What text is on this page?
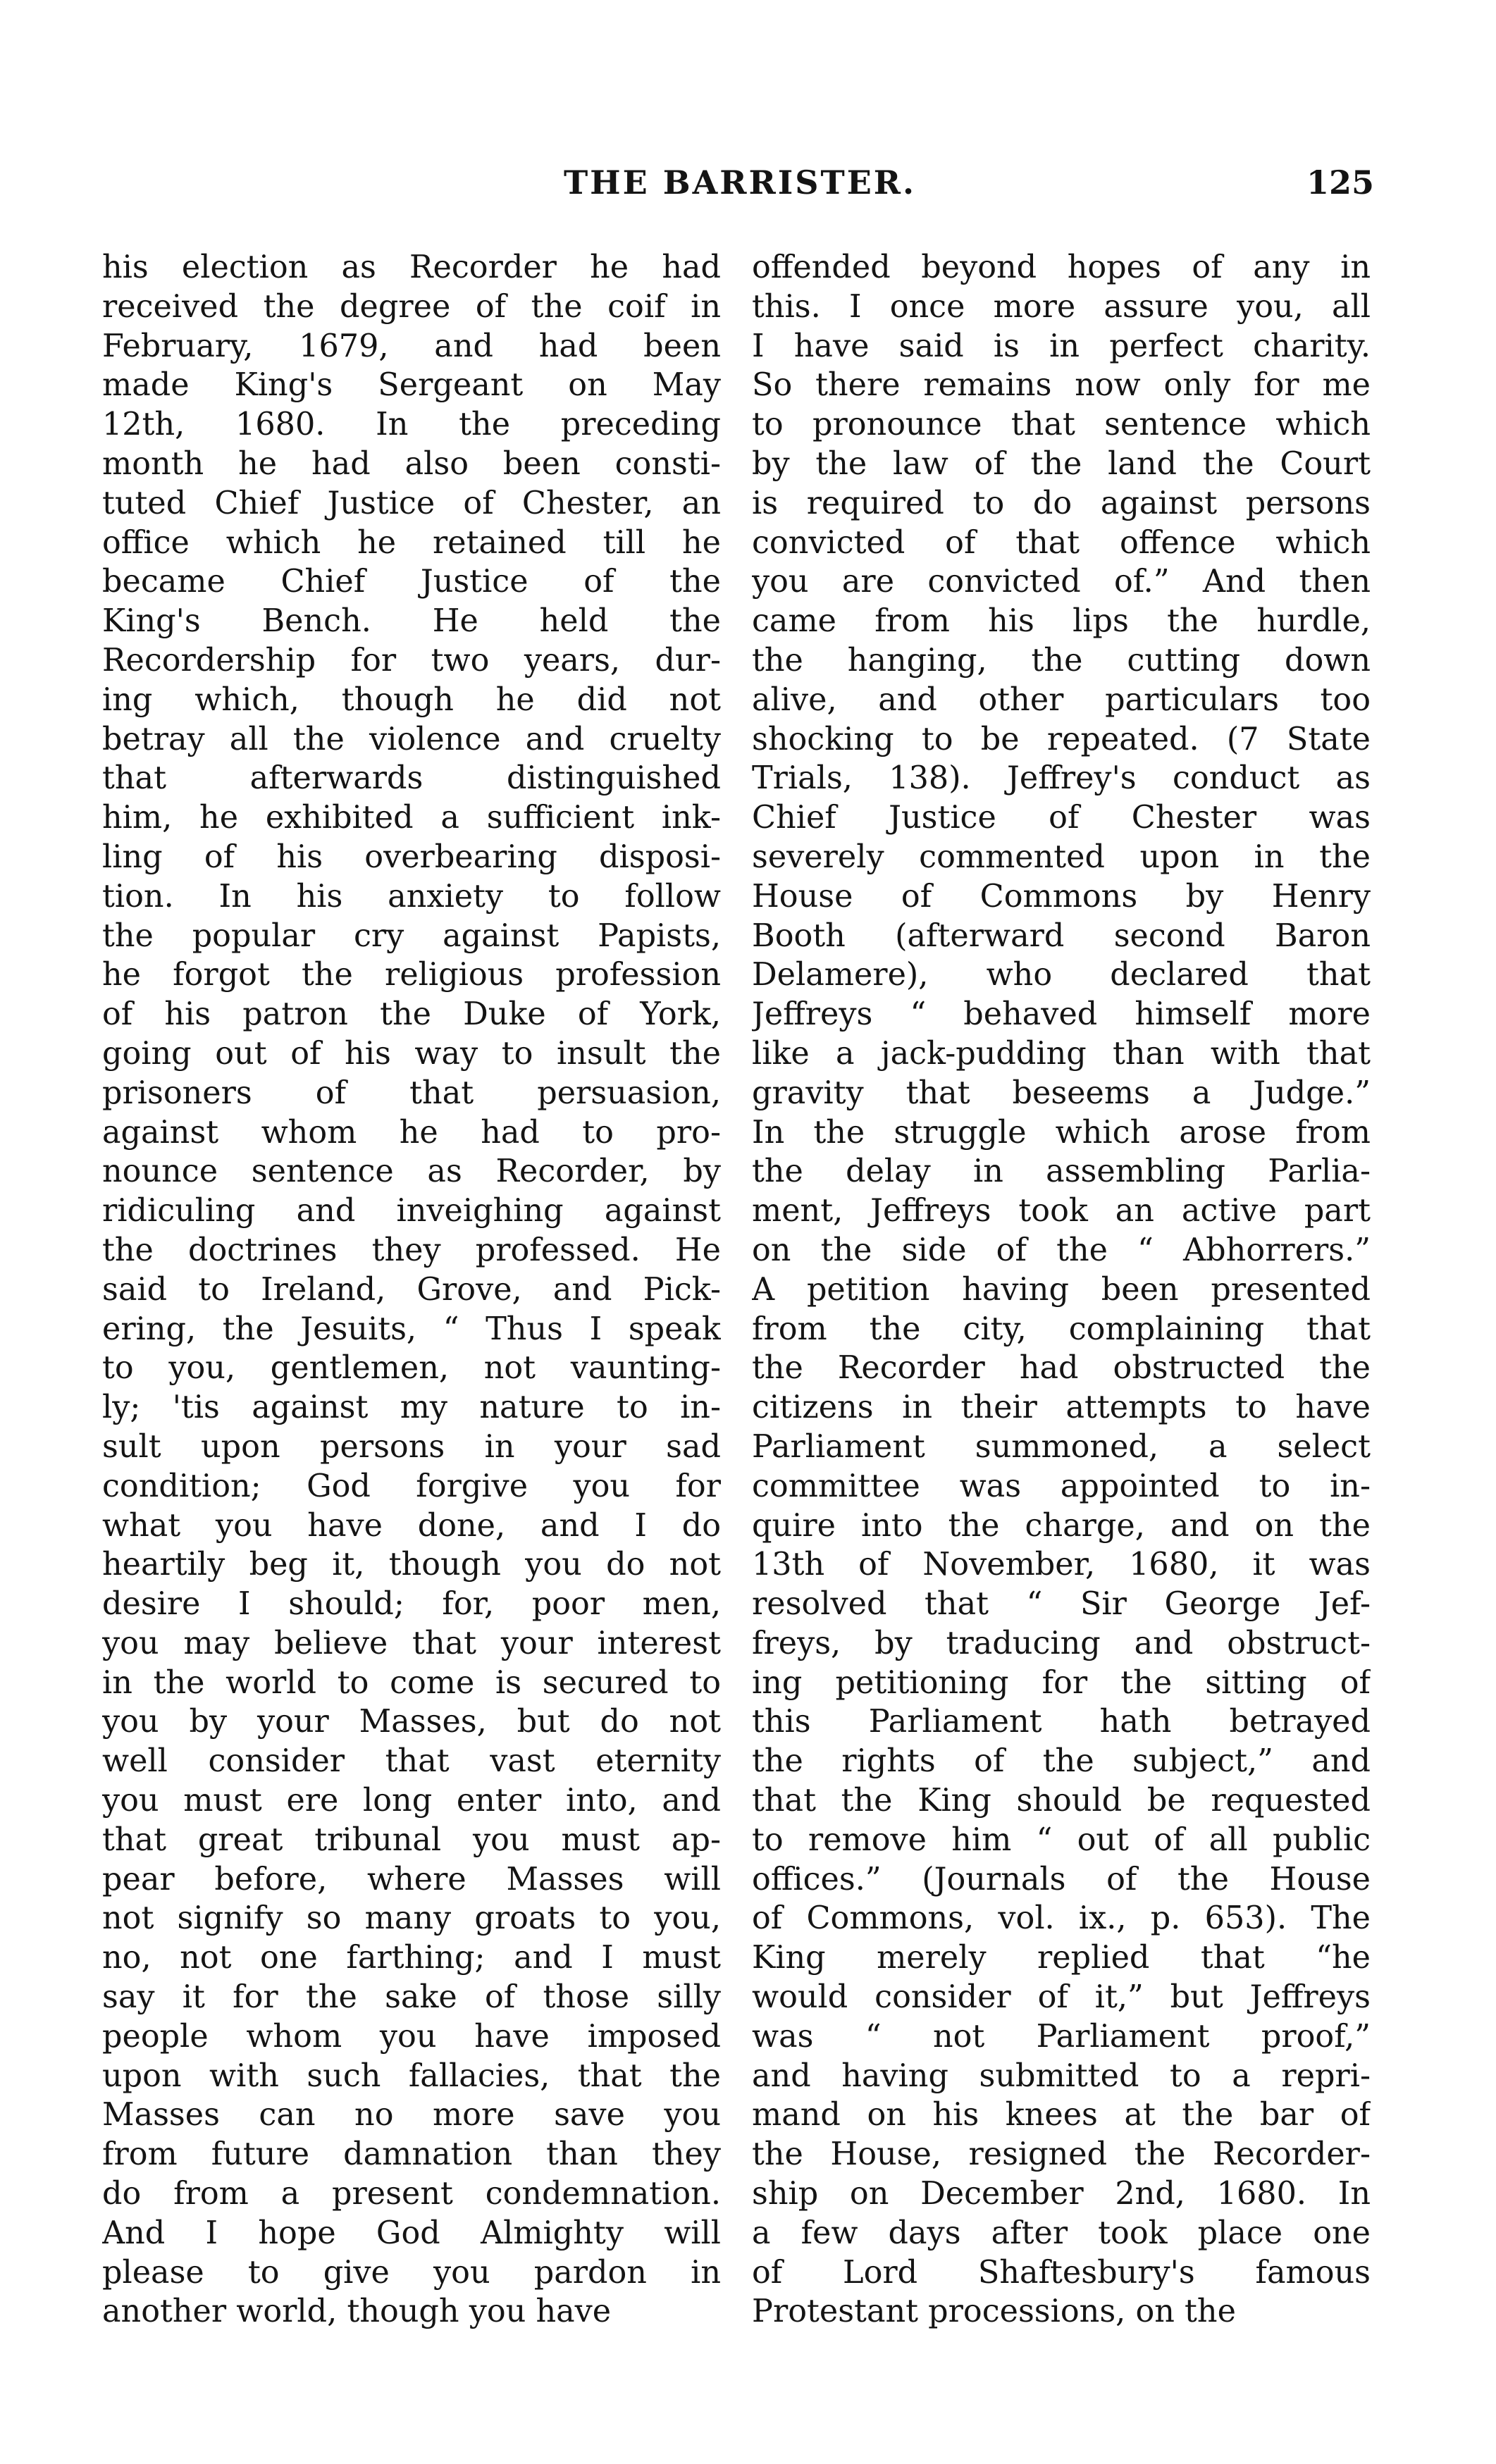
THE BARRISTER.	125
his election as Recorder he had
received the degree of the coif in
February, 1679, and had been
made King's Sergeant on May
12th, 1680. In the preceding
month he had also been consti-
tuted Chief Justice of Chester, an
office which he retained till he
became Chief Justice of the
King's Bench. He held the
Recordership for two years, dur-
ing which, though he did not
betray all the violence and cruelty
that afterwards distinguished
him, he exhibited a sufficient ink-
ling of his overbearing disposi-
tion. In his anxiety to follow
the popular cry against Papists,
he forgot the religious profession
of his patron the Duke of York,
going out of his way to insult the
prisoners of that persuasion,
against whom he had to pro-
nounce sentence as Recorder, by
ridiculing and inveighing against
the doctrines they professed. He
said to Ireland, Grove, and Pick-
ering, the Jesuits, “ Thus I speak
to you, gentlemen, not vaunting-
ly; 'tis against my nature to in-
sult upon persons in your sad
condition; God forgive you for
what you have done, and I do
heartily beg it, though you do not
desire I should; for, poor men,
you may believe that your interest
in the world to come is secured to
you by your Masses, but do not
well consider that vast eternity
you must ere long enter into, and
that great tribunal you must ap-
pear before, where Masses will
not signify so many groats to you,
no, not one farthing; and I must
say it for the sake of those silly
people whom you have imposed
upon with such fallacies, that the
Masses can no more save you
from future damnation than they
do from a present condemnation.
And I hope God Almighty will
please to give you pardon in
another world, though you have
offended beyond hopes of any in
this. I once more assure you, all
I have said is in perfect charity.
So there remains now only for me
to pronounce that sentence which
by the law of the land the Court
is required to do against persons
convicted of that offence which
you are convicted of.” And then
came from his lips the hurdle,
the hanging, the cutting down
alive, and other particulars too
shocking to be repeated. (7 State
Trials, 138). Jeffrey's conduct as
Chief Justice of Chester was
severely commented upon in the
House of Commons by Henry
Booth (afterward second Baron
Delamere), who declared that
Jeffreys “ behaved himself more
like a jack-pudding than with that
gravity that beseems a Judge.”
In the struggle which arose from
the delay in assembling Parlia-
ment, Jeffreys took an active part
on the side of the “ Abhorrers.”
A petition having been presented
from the city, complaining that
the Recorder had obstructed the
citizens in their attempts to have
Parliament summoned, a select
committee was appointed to in-
quire into the charge, and on the
13th of November, 1680, it was
resolved that “ Sir George Jef-
freys, by traducing and obstruct-
ing petitioning for the sitting of
this Parliament hath betrayed
the rights of the subject,” and
that the King should be requested
to remove him “ out of all public
offices.” (Journals of the House
of Commons, vol. ix., p. 653). The
King merely replied that “he
would consider of it,” but Jeffreys
was “ not Parliament proof,”
and having submitted to a repri-
mand on his knees at the bar of
the House, resigned the Recorder-
ship on December 2nd, 1680. In
a few days after took place one
of Lord Shaftesbury's famous
Protestant processions, on the
